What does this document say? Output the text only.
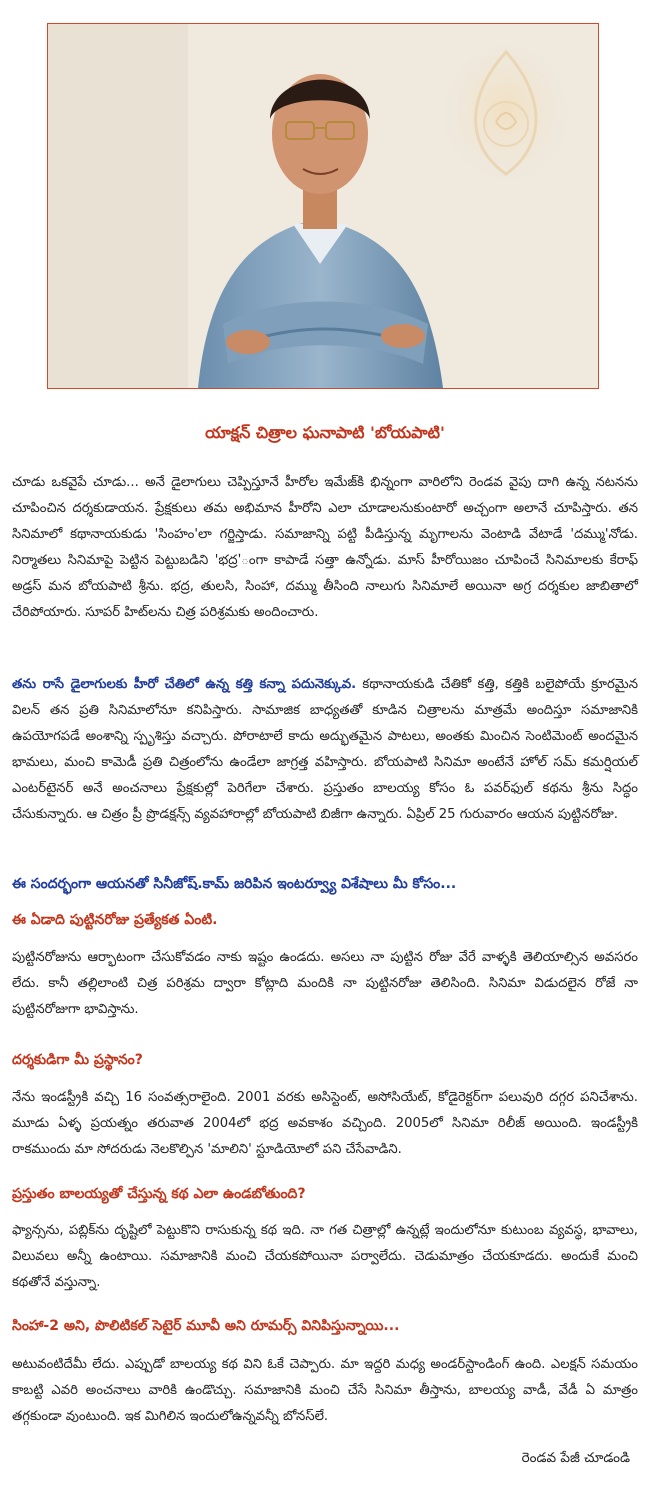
యాక్షన్ చిత్రాల ఘనాపాటి 'బోయపాటి'

చూడు ఒకవైపే చూడు... అనే డైలాగులు చెప్పిస్తూనే హీరోల ఇమేజ్‌కి భిన్నంగా వారిలోని రెండవ వైపు దాగి ఉన్న నటనను చూపించిన దర్శకుడాయన. ప్రేక్షకులు తమ అభిమాన హీరోని ఎలా చూడాలనుకుంటారో అచ్చంగా అలానే చూపిస్తారు. తన సినిమాలో కథానాయకుడు 'సింహం'లా గర్జిస్తాడు. సమాజాన్ని పట్టి పీడిస్తున్న మృగాలను వెంటాడి వేటాడే 'దమ్ము'నోడు. నిర్మాతలు సినిమాపై పెట్టిన పెట్టుబడిని 'భద్ర'ంగా కాపాడే సత్తా ఉన్నోడు. మాస్ హీరోయిజం చూపించే సినిమాలకు కేరాఫ్ అడ్రస్ మన బోయపాటి శ్రీను. భద్ర, తులసి, సింహా, దమ్ము తీసింది నాలుగు సినిమాలే అయినా అగ్ర దర్శకుల జాబితాలో చేరిపోయారు. సూపర్ హిట్‌లను చిత్ర పరిశ్రమకు అందించారు.

తను రాసే డైలాగులకు హీరో చేతిలో ఉన్న కత్తి కన్నా పదునెక్కువ. కథానాయకుడి చేతికో కత్తి, కత్తికి బలైపోయే క్రూరమైన విలన్ తన ప్రతి సినిమాలోనూ కనిపిస్తారు. సామాజిక బాధ్యతతో కూడిన చిత్రాలను మాత్రమే అందిస్తూ సమాజానికి ఉపయోగపడే అంశాన్ని స్పృశిస్తు వచ్చారు. పోరాటాలే కాదు అద్భుతమైన పాటలు, అంతకు మించిన సెంటిమెంట్ అందమైన భామలు, మంచి కామెడీ ప్రతి చిత్రంలోను ఉండేలా జాగ్రత్త వహిస్తారు. బోయపాటి సినిమా అంటేనే హోల్ సమ్ కమర్షియల్ ఎంటర్‌టైనర్ అనే అంచనాలు ప్రేక్షకుల్లో పెరిగేలా చేశారు. ప్రస్తుతం బాలయ్య కోసం ఓ పవర్‌ఫుల్ కథను శ్రీను సిద్ధం చేసుకున్నారు. ఆ చిత్రం ప్రీ ప్రొడక్షన్స్ వ్యవహారాల్లో బోయపాటి బిజీగా ఉన్నారు. ఏప్రిల్ 25 గురువారం ఆయన పుట్టినరోజు.

ఈ సందర్భంగా ఆయనతో సినీజోష్.కామ్ జరిపిన ఇంటర్వ్యూ విశేషాలు మీ కోసం...

ఈ ఏడాది పుట్టినరోజు ప్రత్యేకత ఏంటి.

పుట్టినరోజును ఆర్భాటంగా చేసుకోవడం నాకు ఇష్టం ఉండదు. అసలు నా పుట్టిన రోజు వేరే వాళ్ళకి తెలియాల్సిన అవసరం లేదు. కానీ తల్లిలాంటి చిత్ర పరిశ్రమ ద్వారా కోట్లాది మందికి నా పుట్టినరోజు తెలిసింది. సినిమా విడుదలైన రోజే నా పుట్టినరోజుగా భావిస్తాను.

దర్శకుడిగా మీ ప్రస్థానం?

నేను ఇండస్ట్రీకి వచ్చి 16 సంవత్సరాలైంది. 2001 వరకు అసిస్టెంట్, అసోసియేట్, కోడైరెక్టర్‌గా పలువురి దగ్గర పనిచేశాను. మూడు ఏళ్ళ ప్రయత్నం తరువాత 2004లో భద్ర అవకాశం వచ్చింది. 2005లో సినిమా రిలీజ్ అయింది. ఇండస్ట్రీకి రాకముందు మా సోదరుడు నెలకొల్పిన 'మాలిని' స్టూడియోలో పని చేసేవాడిని.

ప్రస్తుతం బాలయ్యతో చేస్తున్న కథ ఎలా ఉండబోతుంది?

ఫ్యాన్సను, పబ్లిక్‌ను దృష్టిలో పెట్టుకొని రాసుకున్న కథ ఇది. నా గత చిత్రాల్లో ఉన్నట్లే ఇందులోనూ కుటుంబ వ్యవస్థ, భావాలు, విలువలు అన్నీ ఉంటాయి. సమాజానికి మంచి చేయకపోయినా పర్వాలేదు. చెడుమాత్రం చేయకూడదు. అందుకే మంచి కథతోనే వస్తున్నా.

సింహా-2 అని, పొలిటికల్ సెటైర్ మూవీ అని రూమర్స్ వినిపిస్తున్నాయి...

అటువంటిదేమీ లేదు. ఎప్పుడో బాలయ్య కథ విని ఓకే చెప్పారు. మా ఇద్దరి మధ్య అండర్‌స్టాండింగ్ ఉంది. ఎలక్షన్ సమయం కాబట్టి ఎవరి అంచనాలు వారికి ఉండొచ్చు. సమాజానికి మంచి చేసే సినిమా తీస్తాను, బాలయ్య వాడీ, వేడీ ఏ మాత్రం తగ్గకుండా వుంటుంది. ఇక మిగిలిన ఇందులోఉన్నవన్నీ బోనస్‌లే.

రెండవ పేజీ చూడండి
